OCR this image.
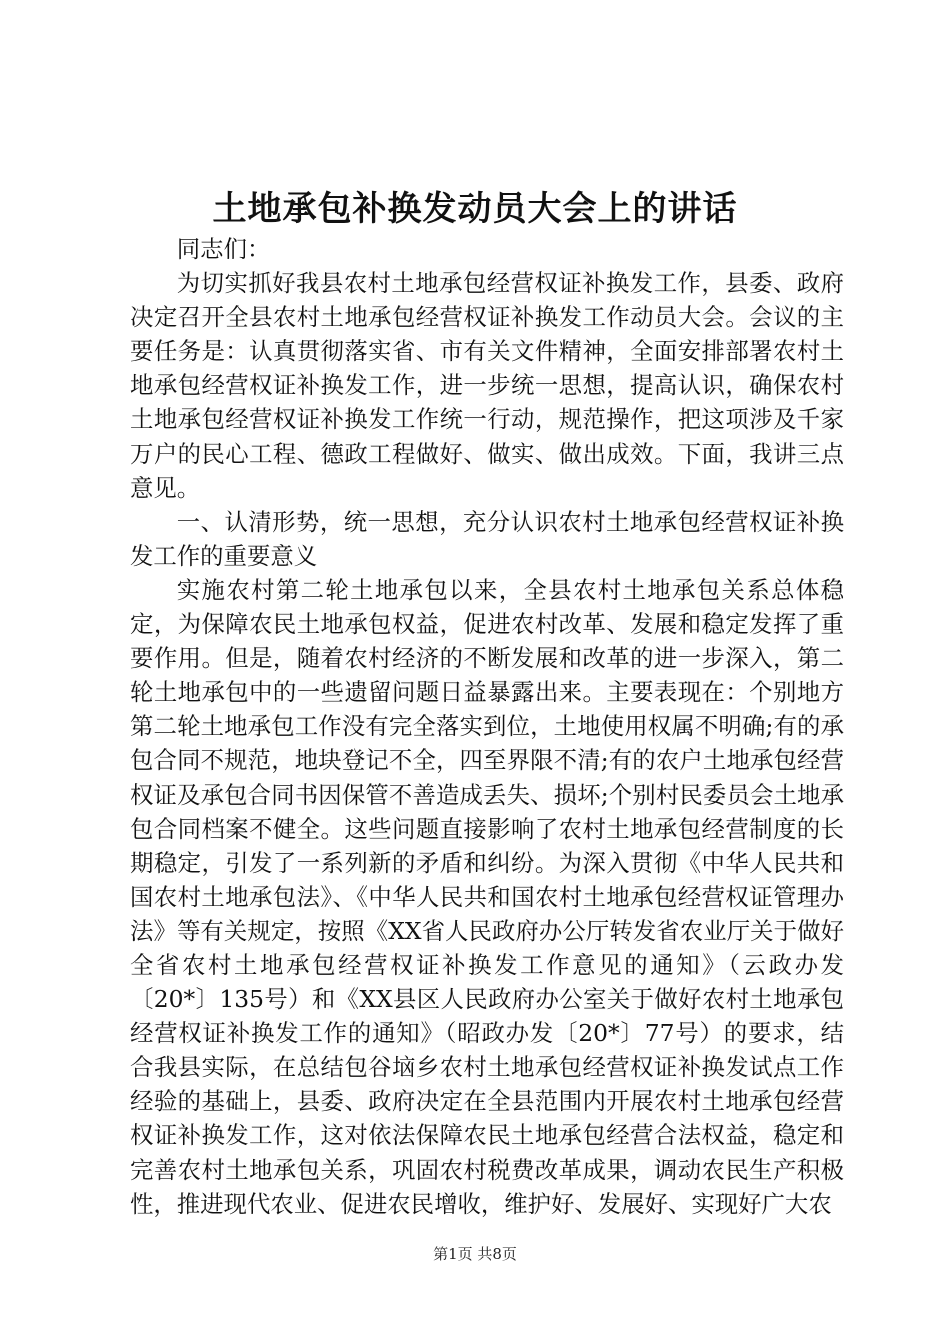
土地承包补换发动员大会上的讲话

同志们：

为切实抓好我县农村土地承包经营权证补换发工作，县委、政府决定召开全县农村土地承包经营权证补换发工作动员大会。会议的主要任务是：认真贯彻落实省、市有关文件精神，全面安排部署农村土地承包经营权证补换发工作，进一步统一思想，提高认识，确保农村土地承包经营权证补换发工作统一行动，规范操作，把这项涉及千家万户的民心工程、德政工程做好、做实、做出成效。下面，我讲三点意见。

一、认清形势，统一思想，充分认识农村土地承包经营权证补换发工作的重要意义

实施农村第二轮土地承包以来，全县农村土地承包关系总体稳定，为保障农民土地承包权益，促进农村改革、发展和稳定发挥了重要作用。但是，随着农村经济的不断发展和改革的进一步深入，第二轮土地承包中的一些遗留问题日益暴露出来。主要表现在：个别地方第二轮土地承包工作没有完全落实到位，土地使用权属不明确;有的承包合同不规范，地块登记不全，四至界限不清;有的农户土地承包经营权证及承包合同书因保管不善造成丢失、损坏;个别村民委员会土地承包合同档案不健全。这些问题直接影响了农村土地承包经营制度的长期稳定，引发了一系列新的矛盾和纠纷。为深入贯彻《中华人民共和国农村土地承包法》、《中华人民共和国农村土地承包经营权证管理办法》等有关规定，按照《XX省人民政府办公厅转发省农业厅关于做好全省农村土地承包经营权证补换发工作意见的通知》（云政办发〔20*〕135号）和《XX县区人民政府办公室关于做好农村土地承包经营权证补换发工作的通知》（昭政办发〔20*〕77号）的要求，结合我县实际，在总结包谷垴乡农村土地承包经营权证补换发试点工作经验的基础上，县委、政府决定在全县范围内开展农村土地承包经营权证补换发工作，这对依法保障农民土地承包经营合法权益，稳定和完善农村土地承包关系，巩固农村税费改革成果，调动农民生产积极性，推进现代农业、促进农民增收，维护好、发展好、实现好广大农

第1页 共8页
